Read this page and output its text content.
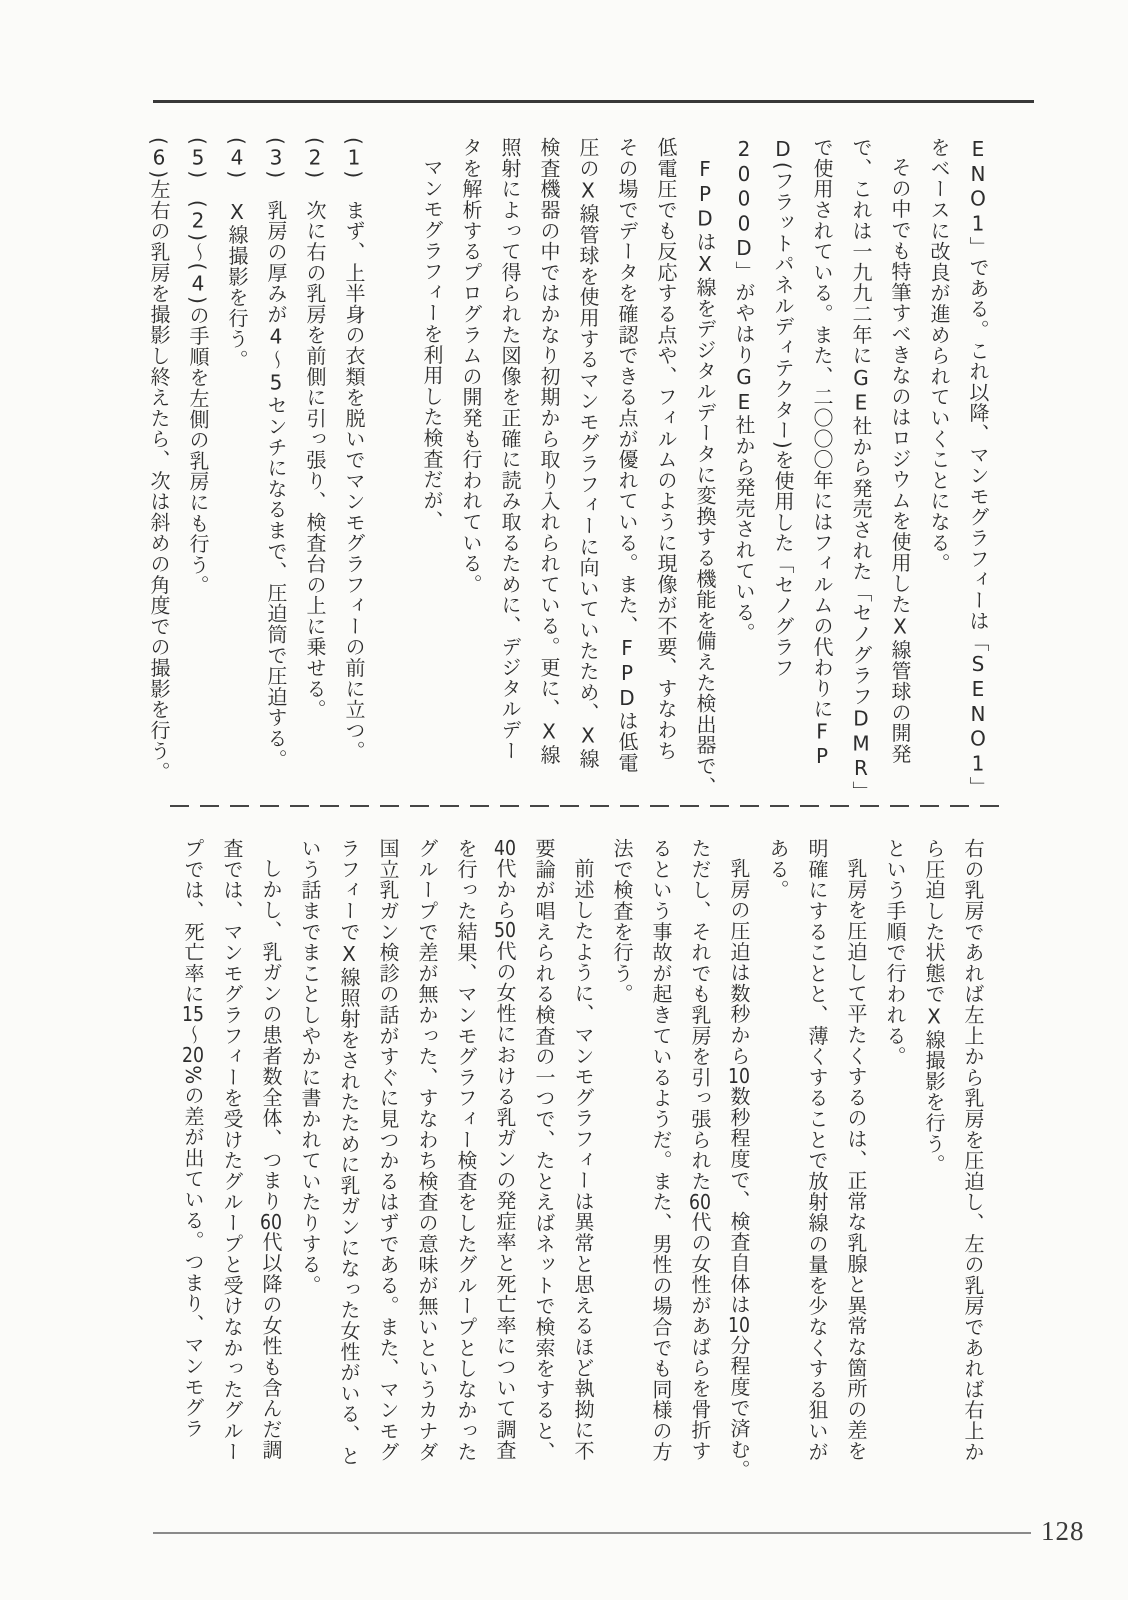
ENO1」である。これ以降、マンモグラフィーは「SENO1」
をベースに改良が進められていくことになる。
その中でも特筆すべきなのはロジウムを使用したX線管球の開発
で、これは一九九二年にGE社から発売された「セノグラフDMR」
で使用されている。また、二〇〇〇年にはフィルムの代わりにFP
D(フラットパネルディテクター)を使用した「セノグラフ
2000D」がやはりGE社から発売されている。
FPDはX線をデジタルデータに変換する機能を備えた検出器で、
低電圧でも反応する点や、フィルムのように現像が不要、すなわち
その場でデータを確認できる点が優れている。また、FPDは低電
圧のX線管球を使用するマンモグラフィーに向いていたため、X線
検査機器の中ではかなり初期から取り入れられている。更に、X線
照射によって得られた図像を正確に読み取るために、デジタルデー
タを解析するプログラムの開発も行われている。
マンモグラフィーを利用した検査だが、

(1)　まず、上半身の衣類を脱いでマンモグラフィーの前に立つ。
(2)　次に右の乳房を前側に引っ張り、検査台の上に乗せる。
(3)　乳房の厚みが4〜5センチになるまで、圧迫筒で圧迫する。
(4)　X線撮影を行う。
(5)　(2)〜(4)の手順を左側の乳房にも行う。
(6)左右の乳房を撮影し終えたら、次は斜めの角度での撮影を行う。
右の乳房であれば左上から乳房を圧迫し、左の乳房であれば右上か
ら圧迫した状態でX線撮影を行う。
という手順で行われる。
乳房を圧迫して平たくするのは、正常な乳腺と異常な箇所の差を
明確にすることと、薄くすることで放射線の量を少なくする狙いが
ある。
乳房の圧迫は数秒から10数秒程度で、検査自体は10分程度で済む。
ただし、それでも乳房を引っ張られた60代の女性があばらを骨折す
るという事故が起きているようだ。また、男性の場合でも同様の方
法で検査を行う。
前述したように、マンモグラフィーは異常と思えるほど執拗に不
要論が唱えられる検査の一つで、たとえばネットで検索をすると、
40代から50代の女性における乳ガンの発症率と死亡率について調査
を行った結果、マンモグラフィー検査をしたグループとしなかった
グループで差が無かった、すなわち検査の意味が無いというカナダ
国立乳ガン検診の話がすぐに見つかるはずである。また、マンモグ
ラフィーでX線照射をされたために乳ガンになった女性がいる、と
いう話までまことしやかに書かれていたりする。
しかし、乳ガンの患者数全体、つまり60代以降の女性も含んだ調
査では、マンモグラフィーを受けたグループと受けなかったグルー
プでは、死亡率に15〜20%の差が出ている。つまり、マンモグラ
128
